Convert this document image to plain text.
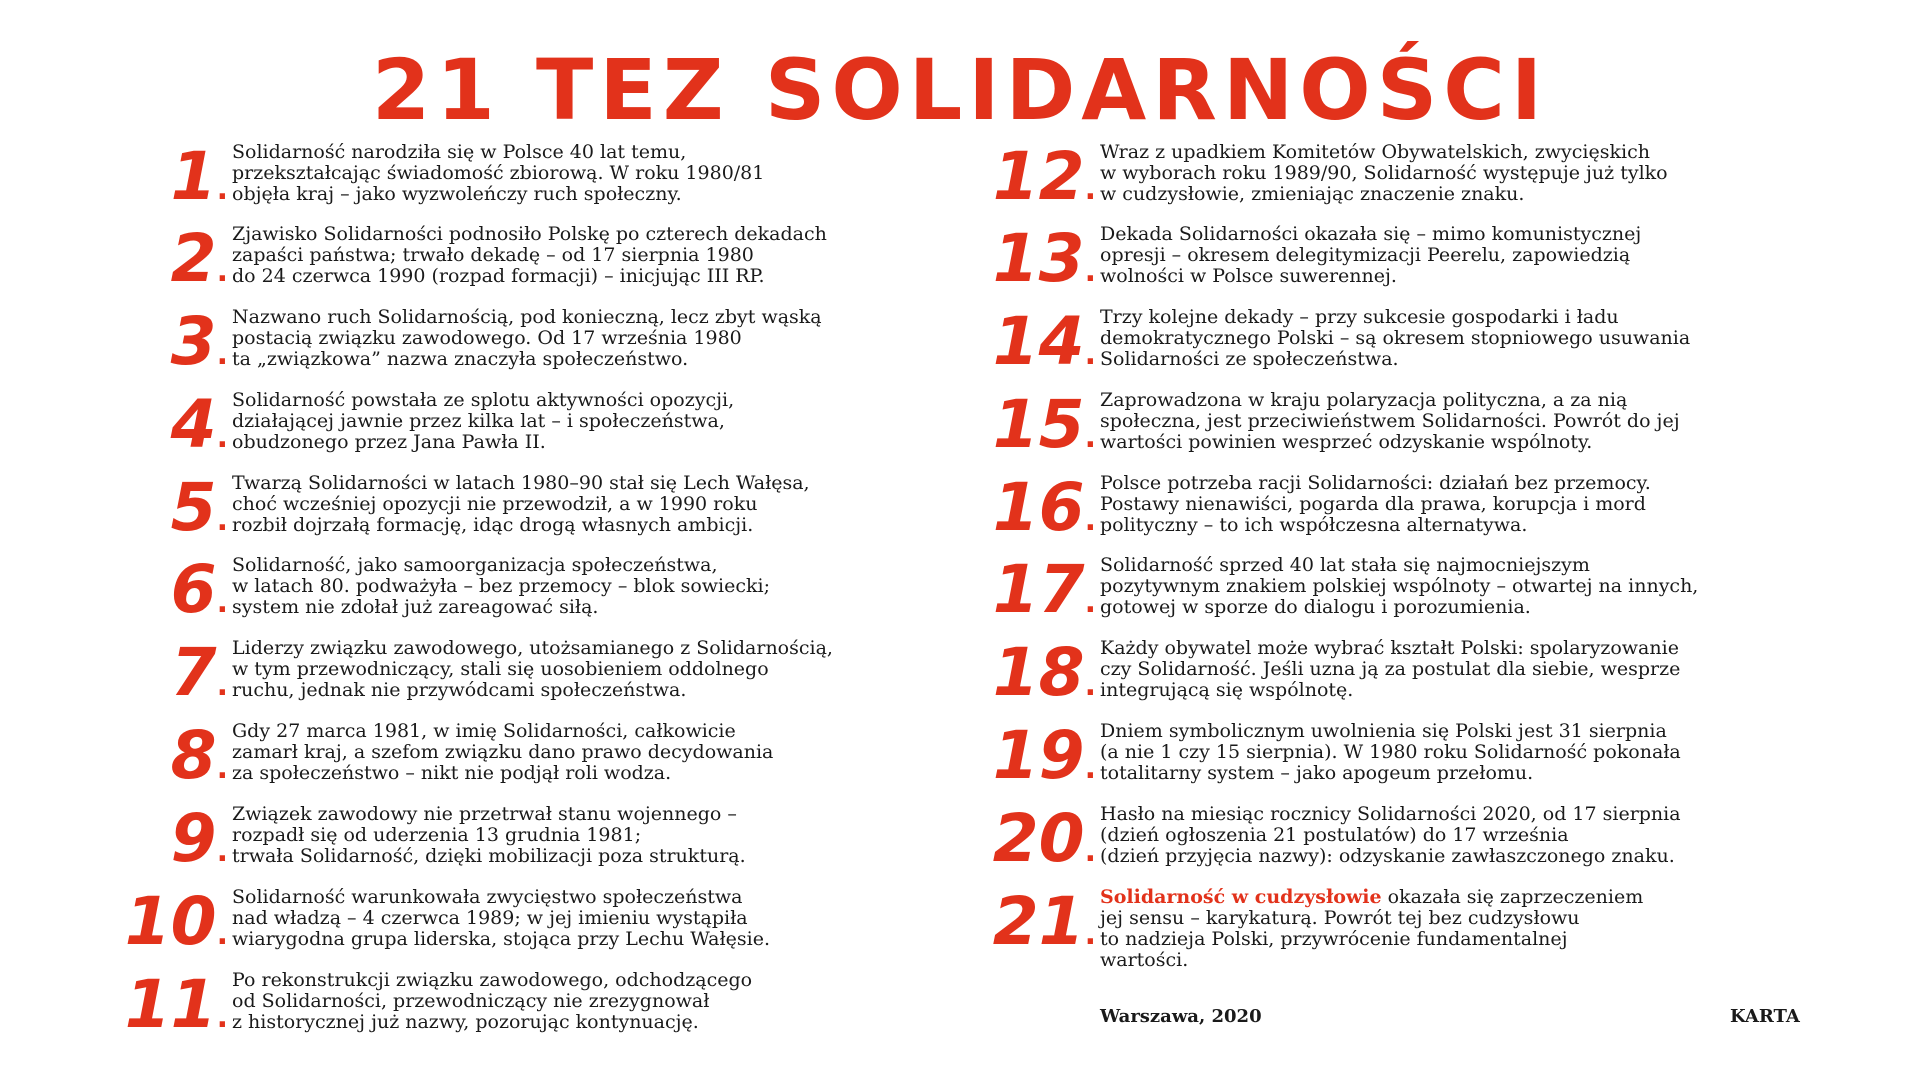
21 TEZ SOLIDARNOŚCI
1.
Solidarność narodziła się w Polsce 40 lat temu,
przekształcając świadomość zbiorową. W roku 1980/81
objęła kraj – jako wyzwoleńczy ruch społeczny.
2.
Zjawisko Solidarności podnosiło Polskę po czterech dekadach
zapaści państwa; trwało dekadę – od 17 sierpnia 1980
do 24 czerwca 1990 (rozpad formacji) – inicjując III RP.
3.
Nazwano ruch Solidarnością, pod konieczną, lecz zbyt wąską
postacią związku zawodowego. Od 17 września 1980
ta „związkowa” nazwa znaczyła społeczeństwo.
4.
Solidarność powstała ze splotu aktywności opozycji,
działającej jawnie przez kilka lat – i społeczeństwa,
obudzonego przez Jana Pawła II.
5.
Twarzą Solidarności w latach 1980–90 stał się Lech Wałęsa,
choć wcześniej opozycji nie przewodził, a w 1990 roku
rozbił dojrzałą formację, idąc drogą własnych ambicji.
6.
Solidarność, jako samoorganizacja społeczeństwa,
w latach 80. podważyła – bez przemocy – blok sowiecki;
system nie zdołał już zareagować siłą.
7.
Liderzy związku zawodowego, utożsamianego z Solidarnością,
w tym przewodniczący, stali się uosobieniem oddolnego
ruchu, jednak nie przywódcami społeczeństwa.
8.
Gdy 27 marca 1981, w imię Solidarności, całkowicie
zamarł kraj, a szefom związku dano prawo decydowania
za społeczeństwo – nikt nie podjął roli wodza.
9.
Związek zawodowy nie przetrwał stanu wojennego –
rozpadł się od uderzenia 13 grudnia 1981;
trwała Solidarność, dzięki mobilizacji poza strukturą.
10.
Solidarność warunkowała zwycięstwo społeczeństwa
nad władzą – 4 czerwca 1989; w jej imieniu wystąpiła
wiarygodna grupa liderska, stojąca przy Lechu Wałęsie.
11.
Po rekonstrukcji związku zawodowego, odchodzącego
od Solidarności, przewodniczący nie zrezygnował
z historycznej już nazwy, pozorując kontynuację.
12.
Wraz z upadkiem Komitetów Obywatelskich, zwycięskich
w wyborach roku 1989/90, Solidarność występuje już tylko
w cudzysłowie, zmieniając znaczenie znaku.
13.
Dekada Solidarności okazała się – mimo komunistycznej
opresji – okresem delegitymizacji Peerelu, zapowiedzią
wolności w Polsce suwerennej.
14.
Trzy kolejne dekady – przy sukcesie gospodarki i ładu
demokratycznego Polski – są okresem stopniowego usuwania
Solidarności ze społeczeństwa.
15.
Zaprowadzona w kraju polaryzacja polityczna, a za nią
społeczna, jest przeciwieństwem Solidarności. Powrót do jej
wartości powinien wesprzeć odzyskanie wspólnoty.
16.
Polsce potrzeba racji Solidarności: działań bez przemocy.
Postawy nienawiści, pogarda dla prawa, korupcja i mord
polityczny – to ich współczesna alternatywa.
17.
Solidarność sprzed 40 lat stała się najmocniejszym
pozytywnym znakiem polskiej wspólnoty – otwartej na innych,
gotowej w sporze do dialogu i porozumienia.
18.
Każdy obywatel może wybrać kształt Polski: spolaryzowanie
czy Solidarność. Jeśli uzna ją za postulat dla siebie, wesprze
integrującą się wspólnotę.
19.
Dniem symbolicznym uwolnienia się Polski jest 31 sierpnia
(a nie 1 czy 15 sierpnia). W 1980 roku Solidarność pokonała
totalitarny system – jako apogeum przełomu.
20.
Hasło na miesiąc rocznicy Solidarności 2020, od 17 sierpnia
(dzień ogłoszenia 21 postulatów) do 17 września
(dzień przyjęcia nazwy): odzyskanie zawłaszczonego znaku.
21.
Solidarność w cudzysłowie okazała się zaprzeczeniem
jej sensu – karykaturą. Powrót tej bez cudzysłowu
to nadzieja Polski, przywrócenie fundamentalnej
wartości.
Warszawa, 2020	KARTA
